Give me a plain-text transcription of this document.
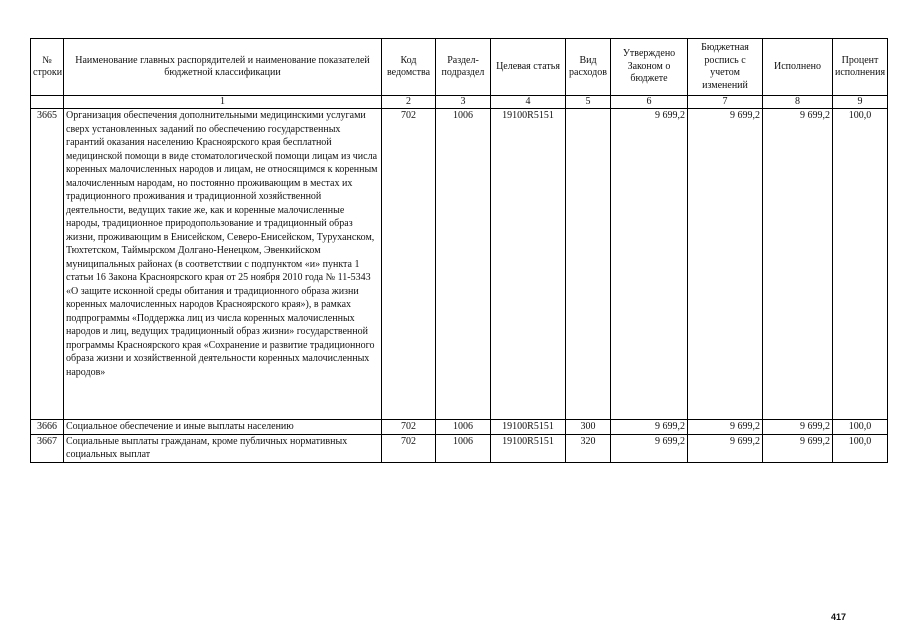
№ строки	Наименование главных распорядителей и наименование показателей бюджетной классификации	Код ведомства	Раздел-подраздел	Целевая статья	Вид расходов	Утверждено Законом о бюджете	Бюджетная роспись с учетом изменений	Исполнено	Процент исполнения
	1	2	3	4	5	6	7	8	9
3665	Организация обеспечения дополнительными медицинскими услугами сверх установленных заданий по обеспечению государственных гарантий оказания населению Красноярского края бесплатной медицинской помощи в виде стоматологической помощи лицам из числа коренных малочисленных народов и лицам, не относящимся к коренным малочисленным народам, но постоянно проживающим в местах их традиционного проживания и традиционной хозяйственной деятельности, ведущих такие же, как и коренные малочисленные народы, традиционное природопользование и традиционный образ жизни, проживающим в Енисейском, Северо-Енисейском, Туруханском, Тюхтетском, Таймырском Долгано-Ненецком, Эвенкийском муниципальных районах (в соответствии с подпунктом «и» пункта 1 статьи 16 Закона Красноярского края от 25 ноября 2010 года № 11-5343 «О защите исконной среды обитания и традиционного образа жизни коренных малочисленных народов Красноярского края»), в рамках подпрограммы «Поддержка лиц из числа коренных малочисленных народов и лиц, ведущих традиционный образ жизни» государственной программы Красноярского края «Сохранение и развитие традиционного образа жизни и хозяйственной деятельности коренных малочисленных народов»	702	1006	19100R5151		9 699,2	9 699,2	9 699,2	100,0
3666	Социальное обеспечение и иные выплаты населению	702	1006	19100R5151	300	9 699,2	9 699,2	9 699,2	100,0
3667	Социальные выплаты гражданам, кроме публичных нормативных социальных выплат	702	1006	19100R5151	320	9 699,2	9 699,2	9 699,2	100,0
417
